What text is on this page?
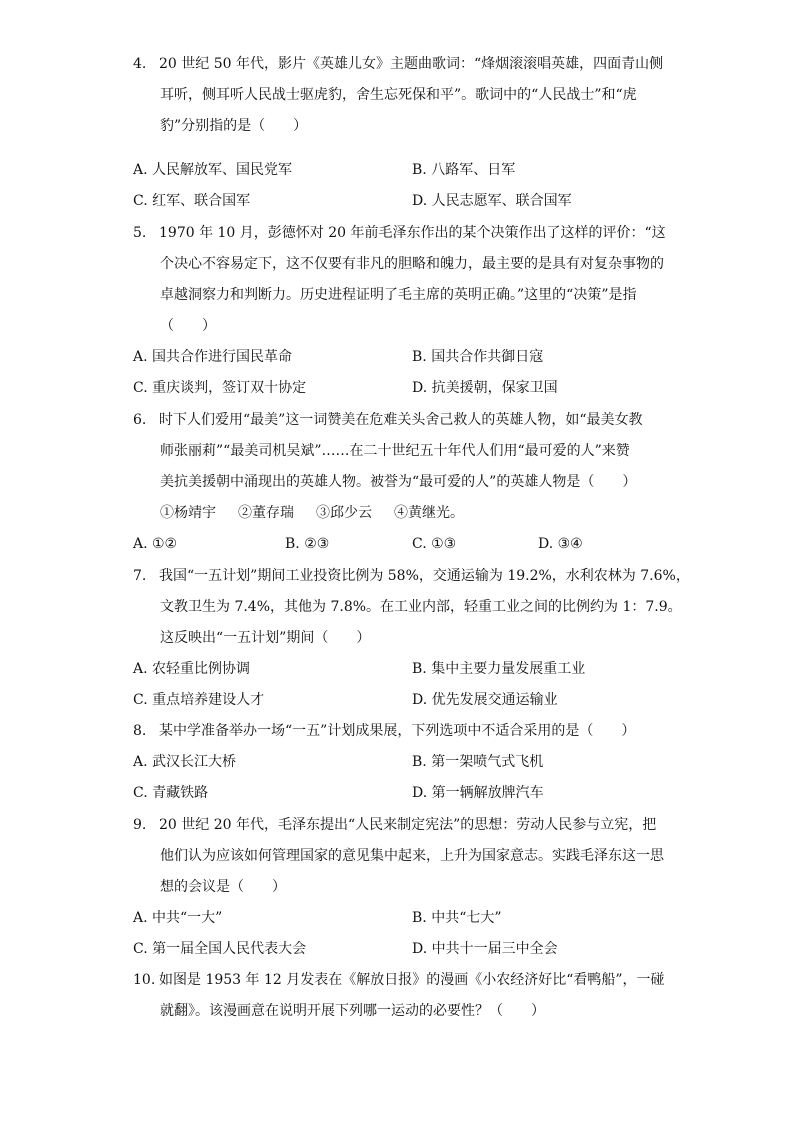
4. 20 世纪 50 年代，影片《英雄儿女》主题曲歌词：“烽烟滚滚唱英雄，四面青山侧
耳听，侧耳听人民战士驱虎豹，舍生忘死保和平”。歌词中的“人民战士”和“虎
豹”分别指的是（　　）
A. 人民解放军、国民党军	B. 八路军、日军
C. 红军、联合国军	D. 人民志愿军、联合国军
5. 1970 年 10 月，彭德怀对 20 年前毛泽东作出的某个决策作出了这样的评价：“这
个决心不容易定下，这不仅要有非凡的胆略和魄力，最主要的是具有对复杂事物的
卓越洞察力和判断力。历史进程证明了毛主席的英明正确。”这里的“决策”是指
（　　）
A. 国共合作进行国民革命	B. 国共合作共御日寇
C. 重庆谈判，签订双十协定	D. 抗美援朝，保家卫国
6. 时下人们爱用“最美”这一词赞美在危难关头舍己救人的英雄人物，如“最美女教
师张丽莉”“最美司机吴斌”……在二十世纪五十年代人们用“最可爱的人”来赞
美抗美援朝中涌现出的英雄人物。被誉为“最可爱的人”的英雄人物是（　　）
①杨靖宇 ②董存瑞 ③邱少云 ④黄继光。
A. ①②	B. ②③	C. ①③	D. ③④
7. 我国“一五计划”期间工业投资比例为 58%，交通运输为 19.2%，水利农林为 7.6%，
文教卫生为 7.4%，其他为 7.8%。在工业内部，轻重工业之间的比例约为 1：7.9。
这反映出“一五计划”期间（　　）
A. 农轻重比例协调	B. 集中主要力量发展重工业
C. 重点培养建设人才	D. 优先发展交通运输业
8. 某中学准备举办一场“一五”计划成果展，下列选项中不适合采用的是（　　）
A. 武汉长江大桥	B. 第一架喷气式飞机
C. 青藏铁路	D. 第一辆解放牌汽车
9. 20 世纪 20 年代，毛泽东提出“人民来制定宪法”的思想：劳动人民参与立宪，把
他们认为应该如何管理国家的意见集中起来，上升为国家意志。实践毛泽东这一思
想的会议是（　　）
A. 中共“一大”	B. 中共“七大”
C. 第一届全国人民代表大会	D. 中共十一届三中全会
10. 如图是 1953 年 12 月发表在《解放日报》的漫画《小农经济好比“看鸭船”，一碰
就翻》。该漫画意在说明开展下列哪一运动的必要性？（　　）
